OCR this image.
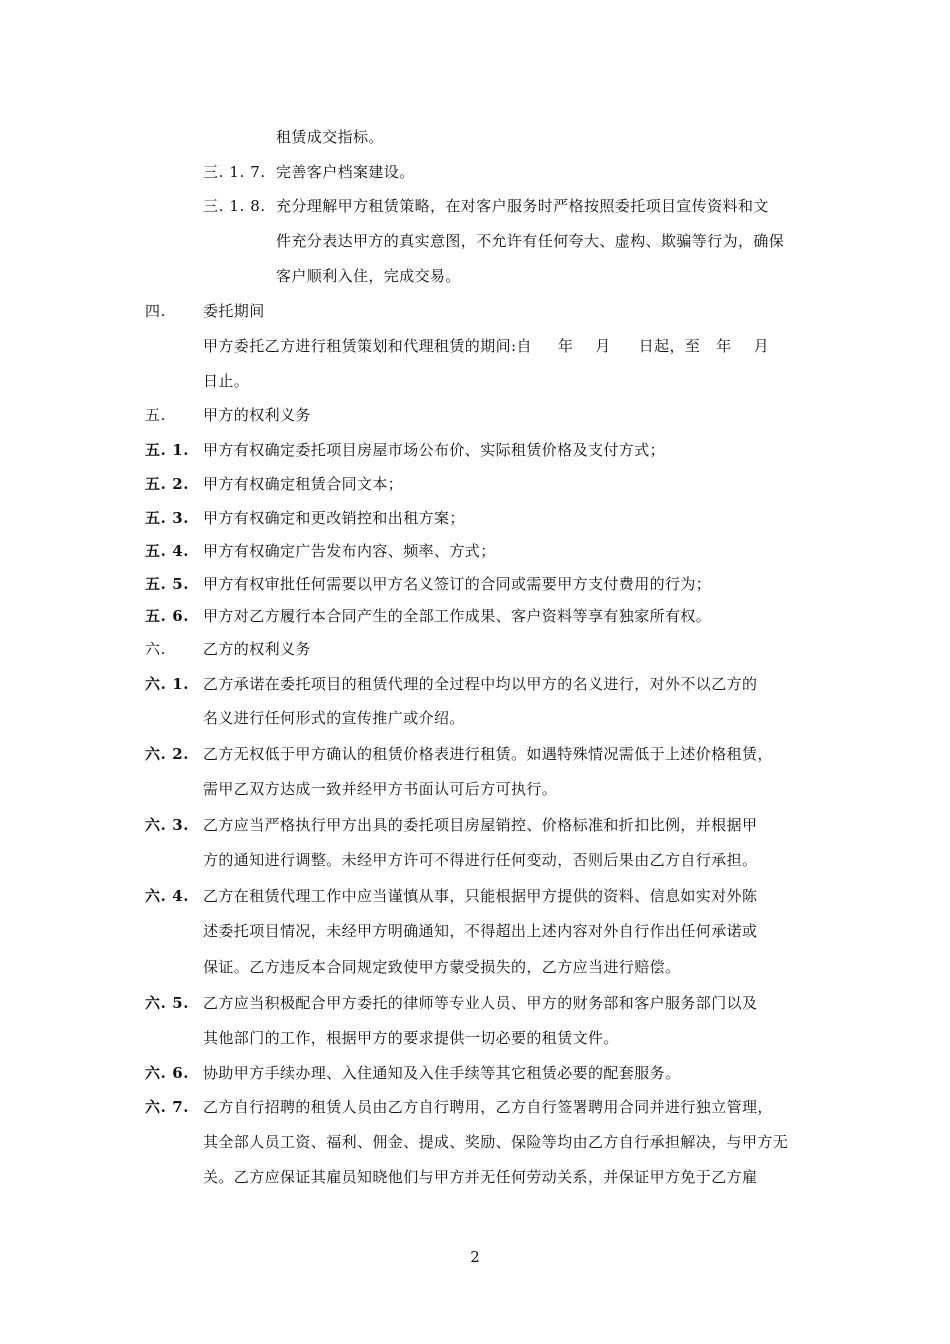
租赁成交指标。
三. 1. 7. 完善客户档案建设。
三. 1. 8. 充分理解甲方租赁策略，在对客户服务时严格按照委托项目宣传资料和文
件充分表达甲方的真实意图，不允许有任何夸大、虚构、欺骗等行为，确保
客户顺利入住，完成交易。
四. 委托期间
甲方委托乙方进行租赁策划和代理租赁的期间:自 年 月 日起，至 年 月
日止。
五. 甲方的权利义务
五. 1. 甲方有权确定委托项目房屋市场公布价、实际租赁价格及支付方式；
五. 2. 甲方有权确定租赁合同文本；
五. 3. 甲方有权确定和更改销控和出租方案；
五. 4. 甲方有权确定广告发布内容、频率、方式；
五. 5. 甲方有权审批任何需要以甲方名义签订的合同或需要甲方支付费用的行为；
五. 6. 甲方对乙方履行本合同产生的全部工作成果、客户资料等享有独家所有权。
六. 乙方的权利义务
六. 1. 乙方承诺在委托项目的租赁代理的全过程中均以甲方的名义进行，对外不以乙方的
名义进行任何形式的宣传推广或介绍。
六. 2. 乙方无权低于甲方确认的租赁价格表进行租赁。如遇特殊情况需低于上述价格租赁，
需甲乙双方达成一致并经甲方书面认可后方可执行。
六. 3. 乙方应当严格执行甲方出具的委托项目房屋销控、价格标准和折扣比例，并根据甲
方的通知进行调整。未经甲方许可不得进行任何变动，否则后果由乙方自行承担。
六. 4. 乙方在租赁代理工作中应当谨慎从事，只能根据甲方提供的资料、信息如实对外陈
述委托项目情况，未经甲方明确通知，不得超出上述内容对外自行作出任何承诺或
保证。乙方违反本合同规定致使甲方蒙受损失的，乙方应当进行赔偿。
六. 5. 乙方应当积极配合甲方委托的律师等专业人员、甲方的财务部和客户服务部门以及
其他部门的工作，根据甲方的要求提供一切必要的租赁文件。
六. 6. 协助甲方手续办理、入住通知及入住手续等其它租赁必要的配套服务。
六. 7. 乙方自行招聘的租赁人员由乙方自行聘用，乙方自行签署聘用合同并进行独立管理，
其全部人员工资、福利、佣金、提成、奖励、保险等均由乙方自行承担解决，与甲方无
关。乙方应保证其雇员知晓他们与甲方并无任何劳动关系，并保证甲方免于乙方雇
2
